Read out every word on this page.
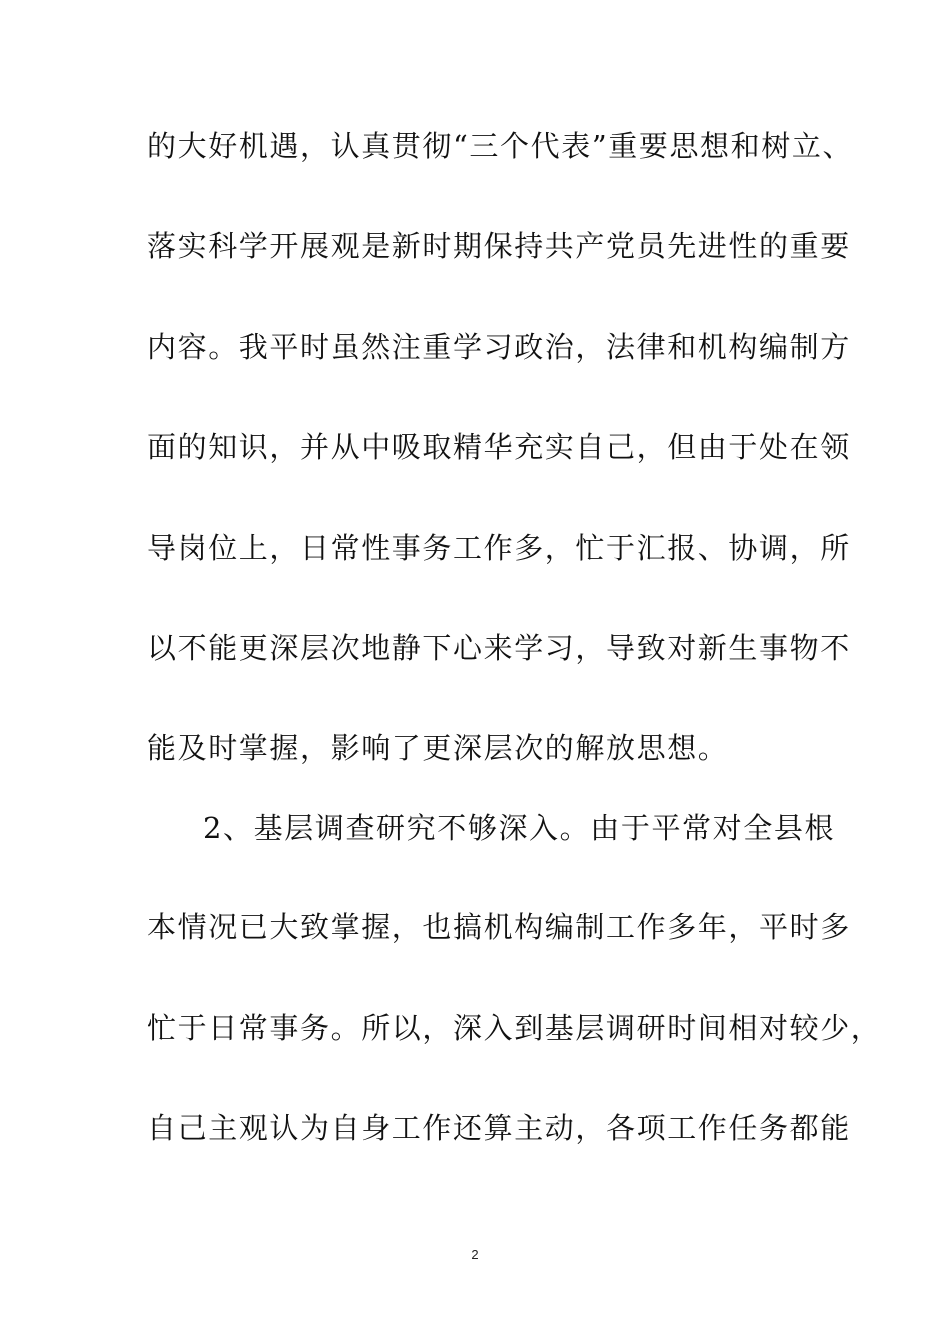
的大好机遇，认真贯彻“三个代表”重要思想和树立、

落实科学开展观是新时期保持共产党员先进性的重要

内容。我平时虽然注重学习政治，法律和机构编制方

面的知识，并从中吸取精华充实自己，但由于处在领

导岗位上，日常性事务工作多，忙于汇报、协调，所

以不能更深层次地静下心来学习，导致对新生事物不

能及时掌握，影响了更深层次的解放思想。

2、基层调查研究不够深入。由于平常对全县根

本情况已大致掌握，也搞机构编制工作多年，平时多

忙于日常事务。所以，深入到基层调研时间相对较少，

自己主观认为自身工作还算主动，各项工作任务都能

2
